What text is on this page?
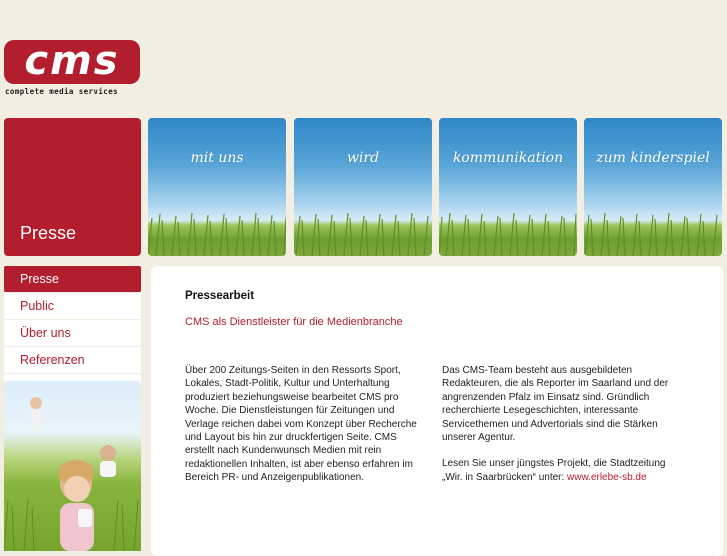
cms
complete media services
Presse
mit uns	wird	kommunikation	zum kinderspiel
Presse
Public
Über uns
Referenzen
Pressearbeit
CMS als Dienstleister für die Medienbranche

Über 200 Zeitungs-Seiten in den Ressorts Sport, Lokales, Stadt-Politik, Kultur und Unterhaltung produziert beziehungsweise bearbeitet CMS pro Woche. Die Dienstleistungen für Zeitungen und Verlage reichen dabei vom Konzept über Recherche und Layout bis hin zur druckfertigen Seite. CMS erstellt nach Kundenwunsch Medien mit rein redaktionellen Inhalten, ist aber ebenso erfahren im Bereich PR- und Anzeigenpublikationen.

Das CMS-Team besteht aus ausgebildeten Redakteuren, die als Reporter im Saarland und der angrenzenden Pfalz im Einsatz sind. Gründlich recherchierte Lesegeschichten, interessante Servicethemen und Advertorials sind die Stärken unserer Agentur.

Lesen Sie unser jüngstes Projekt, die Stadtzeitung „Wir. in Saarbrücken“ unter: www.erlebe-sb.de
